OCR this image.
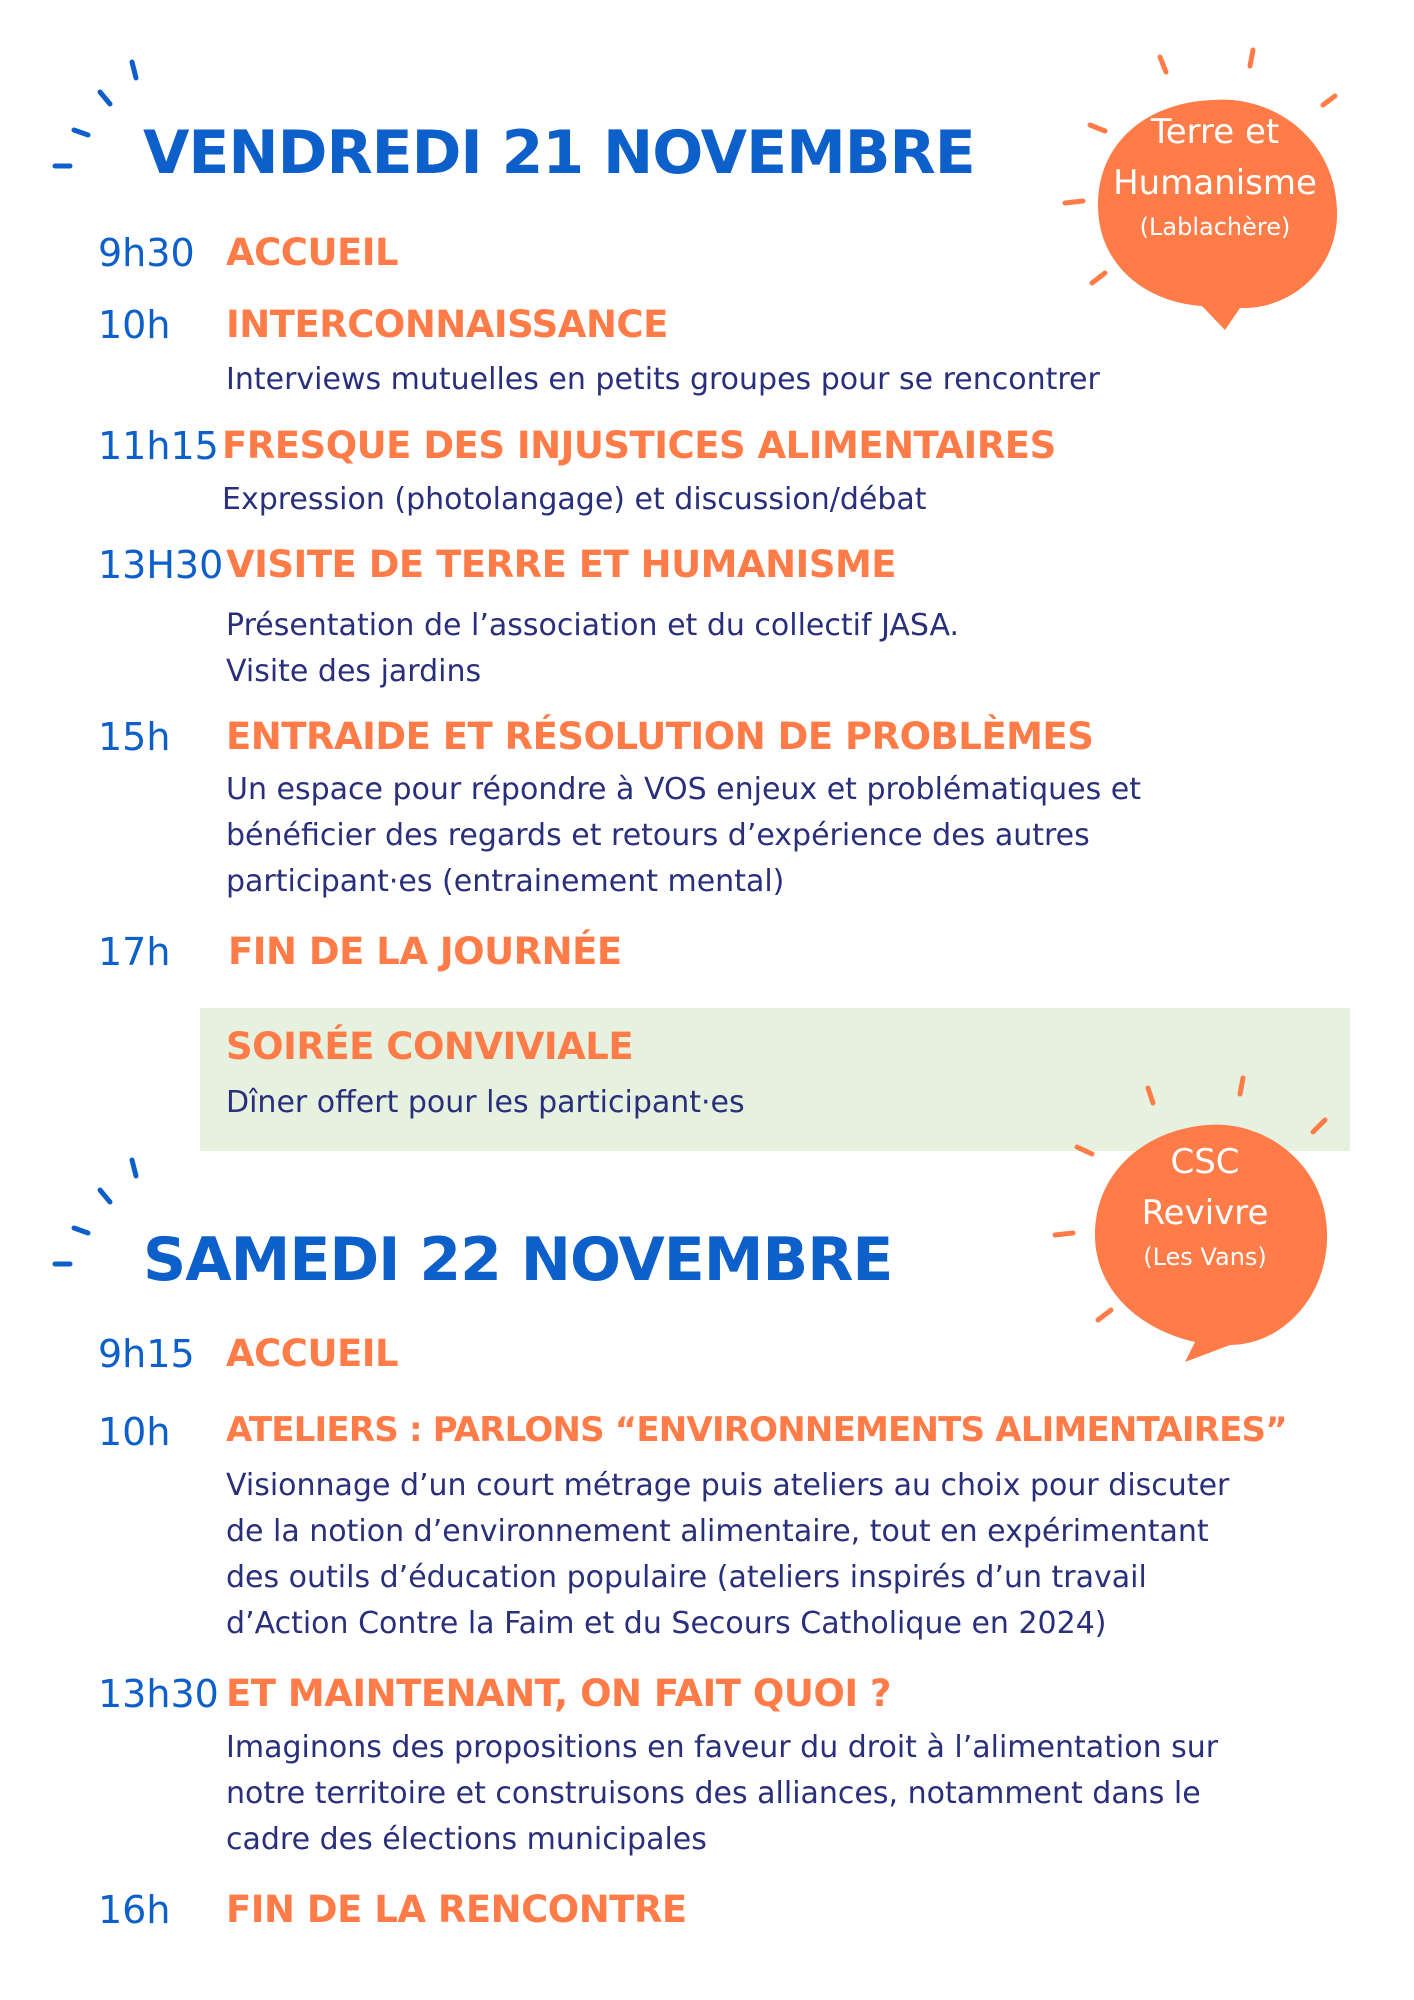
VENDREDI 21 NOVEMBRE	Terre et
Humanisme
(Lablachère)
9h30 ACCUEIL
10h INTERCONNAISSANCE
Interviews mutuelles en petits groupes pour se rencontrer
11h15 FRESQUE DES INJUSTICES ALIMENTAIRES
Expression (photolangage) et discussion/débat
13H30 VISITE DE TERRE ET HUMANISME
Présentation de l’association et du collectif JASA.
Visite des jardins
15h ENTRAIDE ET RÉSOLUTION DE PROBLÈMES
Un espace pour répondre à VOS enjeux et problématiques et
bénéficier des regards et retours d’expérience des autres
participant·es (entrainement mental)
17h FIN DE LA JOURNÉE
SOIRÉE CONVIVIALE
Dîner offert pour les participant·es
CSC
Revivre
(Les Vans)
SAMEDI 22 NOVEMBRE
9h15 ACCUEIL
10h ATELIERS : PARLONS “ENVIRONNEMENTS ALIMENTAIRES”
Visionnage d’un court métrage puis ateliers au choix pour discuter
de la notion d’environnement alimentaire, tout en expérimentant
des outils d’éducation populaire (ateliers inspirés d’un travail
d’Action Contre la Faim et du Secours Catholique en 2024)
13h30 ET MAINTENANT, ON FAIT QUOI ?
Imaginons des propositions en faveur du droit à l’alimentation sur
notre territoire et construisons des alliances, notamment dans le
cadre des élections municipales
16h FIN DE LA RENCONTRE
